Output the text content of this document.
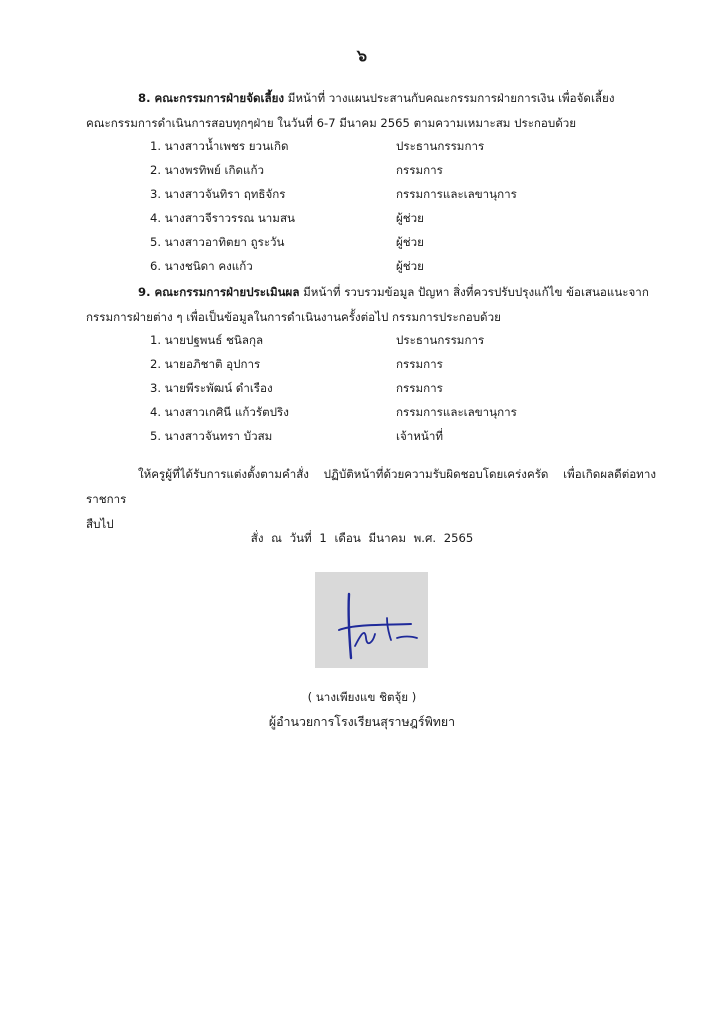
๖
8. คณะกรรมการฝ่ายจัดเลี้ยง มีหน้าที่ วางแผนประสานกับคณะกรรมการฝ่ายการเงิน เพื่อจัดเลี้ยง
คณะกรรมการดำเนินการสอบทุกๆฝ่าย ในวันที่ 6-7 มีนาคม 2565 ตามความเหมาะสม ประกอบด้วย
1. นางสาวน้ำเพชร ยวนเกิด	ประธานกรรมการ
2. นางพรทิพย์ เกิดแก้ว	กรรมการ
3. นางสาวจันทิรา ฤทธิจักร	กรรมการและเลขานุการ
4. นางสาวจีราวรรณ นามสน	ผู้ช่วย
5. นางสาวอาทิตยา ถูระวัน	ผู้ช่วย
6. นางชนิดา คงแก้ว	ผู้ช่วย
9. คณะกรรมการฝ่ายประเมินผล มีหน้าที่ รวบรวมข้อมูล ปัญหา สิ่งที่ควรปรับปรุงแก้ไข ข้อเสนอแนะจาก
กรรมการฝ่ายต่าง ๆ เพื่อเป็นข้อมูลในการดำเนินงานครั้งต่อไป กรรมการประกอบด้วย
1. นายปฐพนธ์ ชนิลกุล	ประธานกรรมการ
2. นายอภิชาติ อุปการ	กรรมการ
3. นายพีระพัฒน์ ดำเรือง	กรรมการ
4. นางสาวเกศินี แก้วรัตปริง	กรรมการและเลขานุการ
5. นางสาวจันทรา บัวสม	เจ้าหน้าที่
ให้ครูผู้ที่ได้รับการแต่งตั้งตามคำสั่ง ปฏิบัติหน้าที่ด้วยความรับผิดชอบโดยเคร่งครัด เพื่อเกิดผลดีต่อทางราชการ
สืบไป
สั่ง ณ วันที่ 1 เดือน มีนาคม พ.ศ. 2565
( นางเพียงแข ชิตจุ้ย )
ผู้อำนวยการโรงเรียนสุราษฎร์พิทยา
